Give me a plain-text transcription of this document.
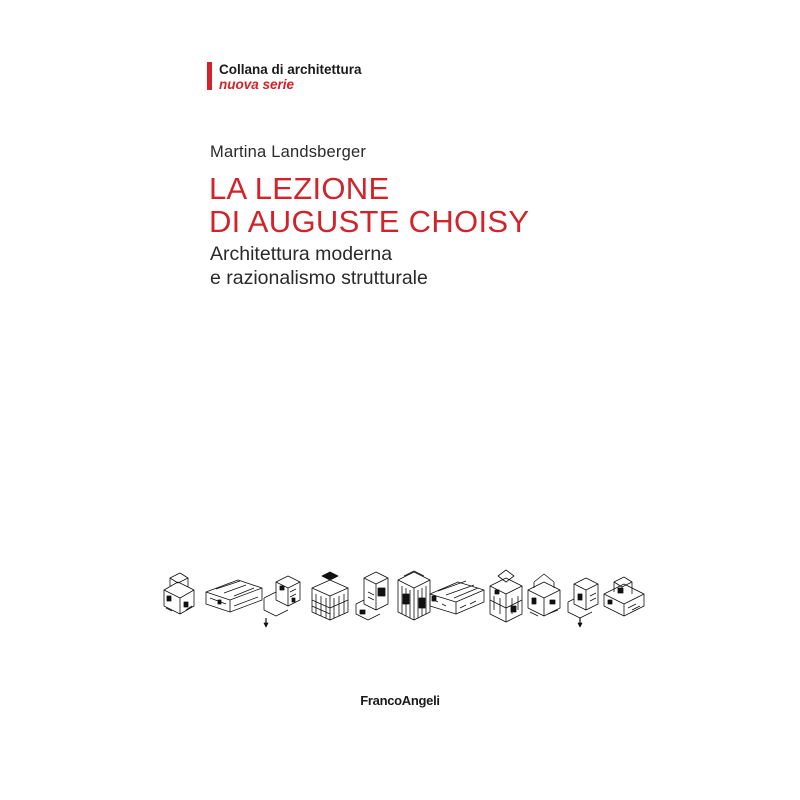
Collana di architettura
nuova serie
Martina Landsberger
LA LEZIONE
DI AUGUSTE CHOISY
Architettura moderna
e razionalismo strutturale
FrancoAngeli
